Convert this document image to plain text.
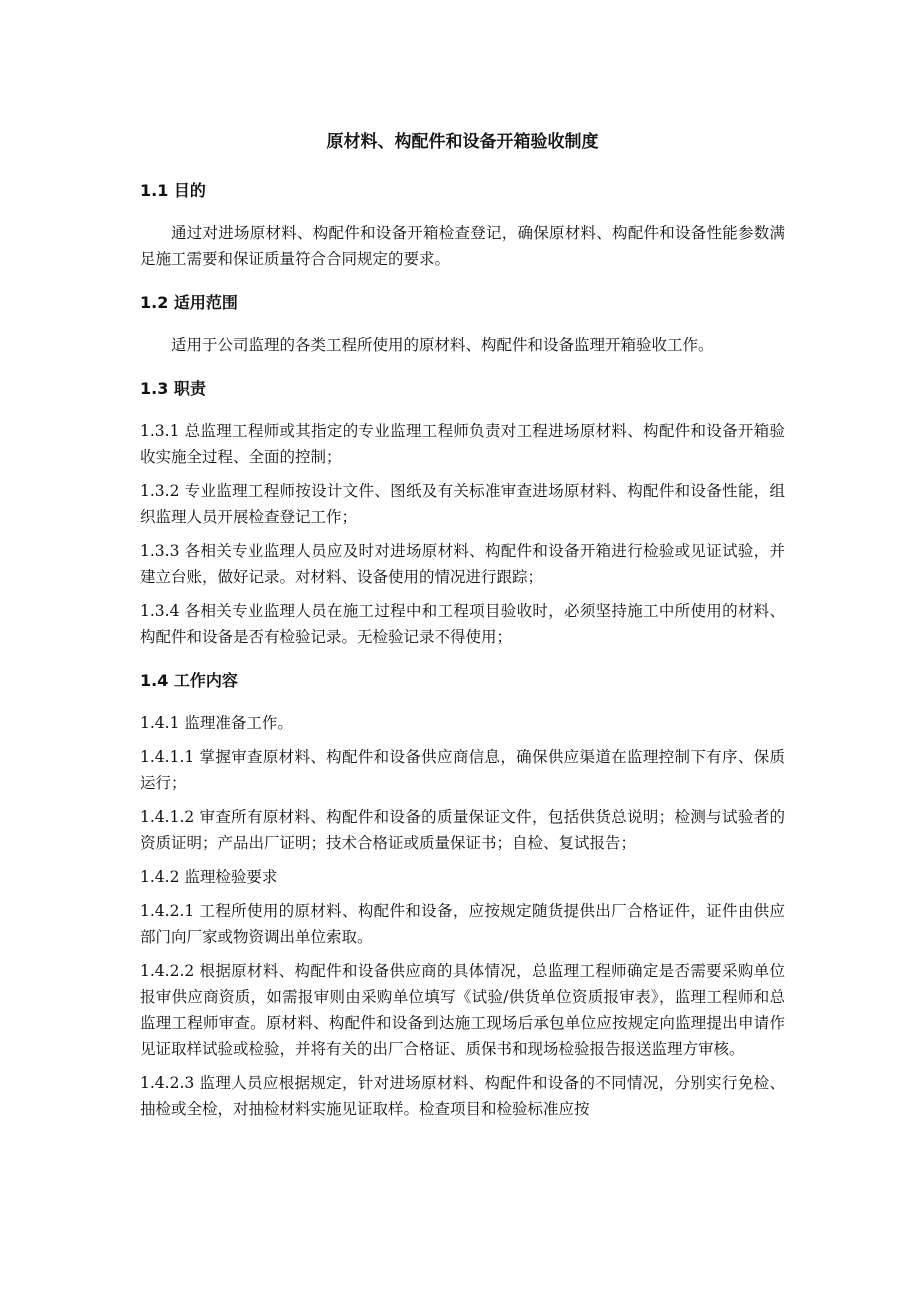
原材料、构配件和设备开箱验收制度
1.1 目的
通过对进场原材料、构配件和设备开箱检查登记，确保原材料、构配件和设备性能参数满足施工需要和保证质量符合合同规定的要求。
1.2 适用范围
适用于公司监理的各类工程所使用的原材料、构配件和设备监理开箱验收工作。
1.3 职责
1.3.1 总监理工程师或其指定的专业监理工程师负责对工程进场原材料、构配件和设备开箱验收实施全过程、全面的控制；
1.3.2 专业监理工程师按设计文件、图纸及有关标准审查进场原材料、构配件和设备性能，组织监理人员开展检查登记工作；
1.3.3 各相关专业监理人员应及时对进场原材料、构配件和设备开箱进行检验或见证试验，并建立台账，做好记录。对材料、设备使用的情况进行跟踪；
1.3.4 各相关专业监理人员在施工过程中和工程项目验收时，必须坚持施工中所使用的材料、构配件和设备是否有检验记录。无检验记录不得使用；
1.4 工作内容
1.4.1 监理准备工作。
1.4.1.1 掌握审查原材料、构配件和设备供应商信息，确保供应渠道在监理控制下有序、保质运行；
1.4.1.2 审查所有原材料、构配件和设备的质量保证文件，包括供货总说明；检测与试验者的资质证明；产品出厂证明；技术合格证或质量保证书；自检、复试报告；
1.4.2 监理检验要求
1.4.2.1 工程所使用的原材料、构配件和设备，应按规定随货提供出厂合格证件，证件由供应部门向厂家或物资调出单位索取。
1.4.2.2 根据原材料、构配件和设备供应商的具体情况，总监理工程师确定是否需要采购单位报审供应商资质，如需报审则由采购单位填写《试验/供货单位资质报审表》，监理工程师和总监理工程师审查。原材料、构配件和设备到达施工现场后承包单位应按规定向监理提出申请作见证取样试验或检验，并将有关的出厂合格证、质保书和现场检验报告报送监理方审核。
1.4.2.3 监理人员应根据规定，针对进场原材料、构配件和设备的不同情况，分别实行免检、抽检或全检，对抽检材料实施见证取样。检查项目和检验标准应按
